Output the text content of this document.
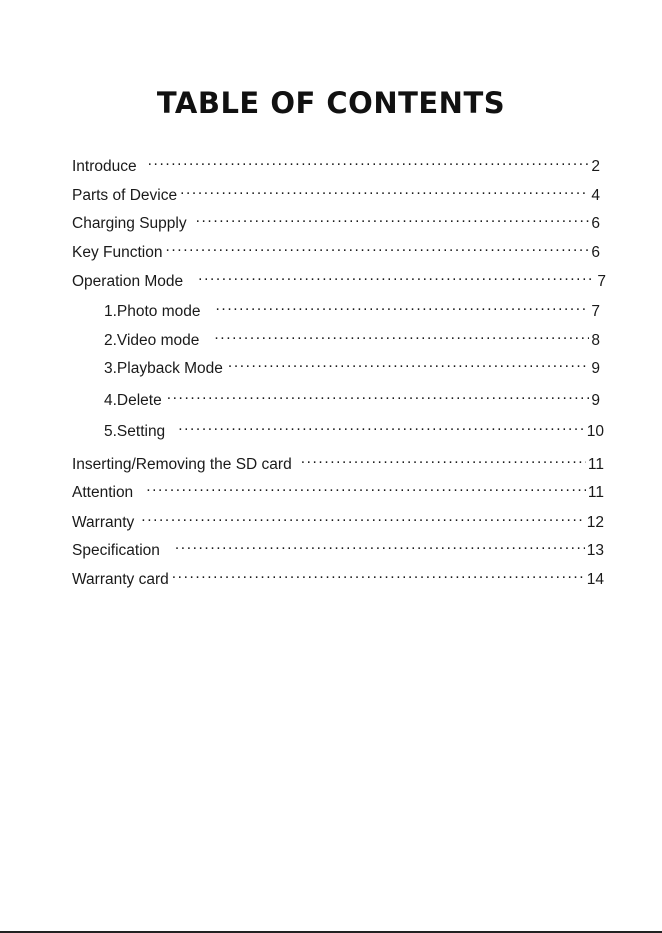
TABLE OF CONTENTS
Introduce .....	2
Parts of Device .....	4
Charging Supply .....	6
Key Function .....	6
Operation Mode .....	7
1.Photo mode .....	7
2.Video mode .....	8
3.Playback Mode .....	9
4.Delete .....	9
5.Setting .....	10
Inserting/Removing the SD card .....	11
Attention .....	11
Warranty .....	12
Specification .....	13
Warranty card .....	14
